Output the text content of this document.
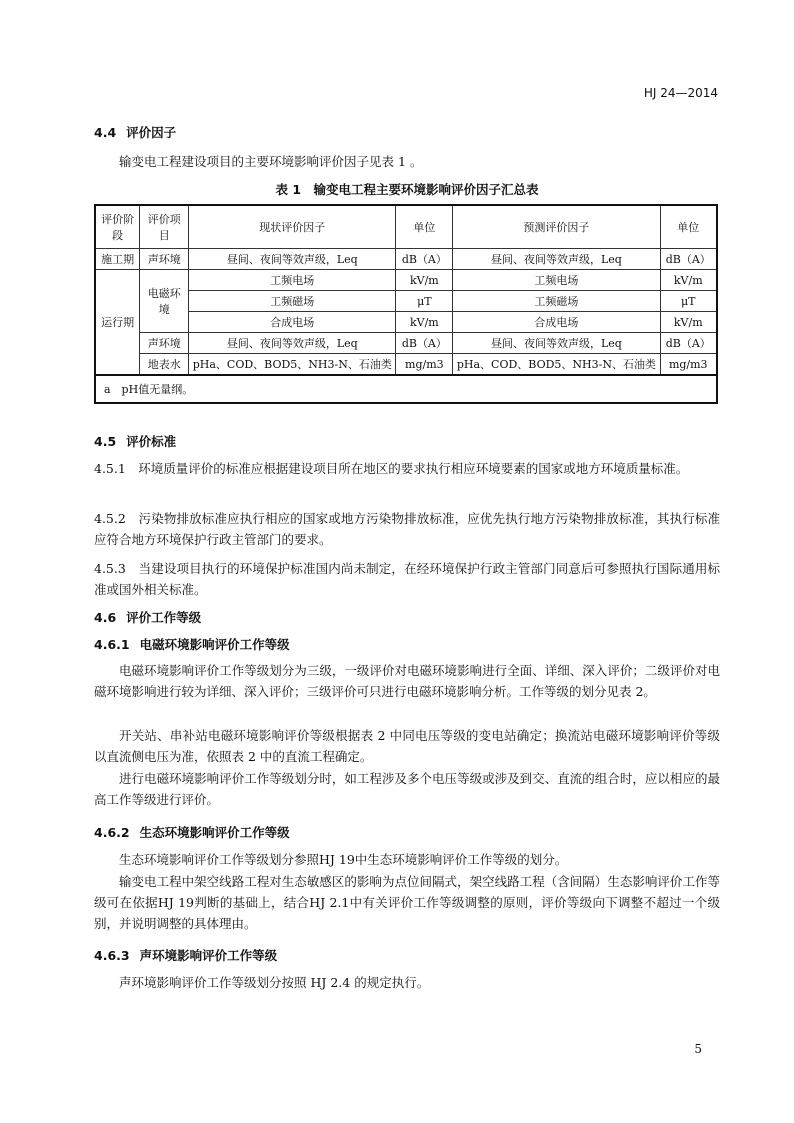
HJ 24—2014
4.4 评价因子
输变电工程建设项目的主要环境影响评价因子见表 1 。
表 1　输变电工程主要环境影响评价因子汇总表
评价阶段	评价项目	现状评价因子	单位	预测评价因子	单位
施工期	声环境	昼间、夜间等效声级，Leq	dB（A）	昼间、夜间等效声级，Leq	dB（A）
运行期	电磁环境	工频电场	kV/m	工频电场	kV/m
		工频磁场	μT	工频磁场	μT
		合成电场	kV/m	合成电场	kV/m
	声环境	昼间、夜间等效声级，Leq	dB（A）	昼间、夜间等效声级，Leq	dB（A）
	地表水	pHa、COD、BOD5、NH3-N、石油类	mg/m3	pHa、COD、BOD5、NH3-N、石油类	mg/m3
a　pH值无量纲。					
4.5 评价标准
4.5.1　环境质量评价的标准应根据建设项目所在地区的要求执行相应环境要素的国家或地方环境质量标准。
4.5.2　污染物排放标准应执行相应的国家或地方污染物排放标准，应优先执行地方污染物排放标准，其执行标准应符合地方环境保护行政主管部门的要求。
4.5.3　当建设项目执行的环境保护标准国内尚未制定，在经环境保护行政主管部门同意后可参照执行国际通用标准或国外相关标准。
4.6 评价工作等级
4.6.1 电磁环境影响评价工作等级
电磁环境影响评价工作等级划分为三级，一级评价对电磁环境影响进行全面、详细、深入评价；二级评价对电磁环境影响进行较为详细、深入评价；三级评价可只进行电磁环境影响分析。工作等级的划分见表 2。
开关站、串补站电磁环境影响评价等级根据表 2 中同电压等级的变电站确定；换流站电磁环境影响评价等级以直流侧电压为准，依照表 2 中的直流工程确定。
进行电磁环境影响评价工作等级划分时，如工程涉及多个电压等级或涉及到交、直流的组合时，应以相应的最高工作等级进行评价。
4.6.2 生态环境影响评价工作等级
生态环境影响评价工作等级划分参照HJ 19中生态环境影响评价工作等级的划分。
输变电工程中架空线路工程对生态敏感区的影响为点位间隔式，架空线路工程（含间隔）生态影响评价工作等级可在依据HJ 19判断的基础上，结合HJ 2.1中有关评价工作等级调整的原则，评价等级向下调整不超过一个级别，并说明调整的具体理由。
4.6.3 声环境影响评价工作等级
声环境影响评价工作等级划分按照 HJ 2.4 的规定执行。
5
